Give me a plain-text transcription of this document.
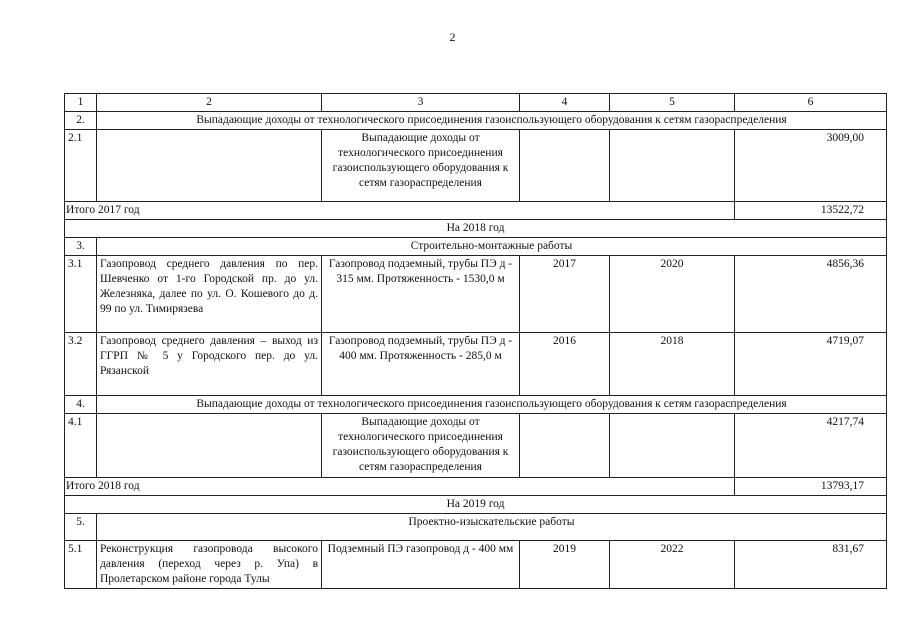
2
1	2	3	4	5	6
2.	Выпадающие доходы от технологического присоединения газоиспользующего оборудования к сетям газораспределения				
2.1		Выпадающие доходы от технологического присоединения газоиспользующего оборудования к сетям газораспределения			3009,00
Итого 2017 год					13522,72
На 2018 год					
3.	Строительно-монтажные работы				
3.1	Газопровод среднего давления по пер. Шевченко от 1-го Городской пр. до ул. Железняка, далее по ул. О. Кошевого до д. 99 по ул. Тимирязева	Газопровод подземный, трубы ПЭ д - 315 мм. Протяженность - 1530,0 м	2017	2020	4856,36
3.2	Газопровод среднего давления – выход из ГГРП № 5 у Городского пер. до ул. Рязанской	Газопровод подземный, трубы ПЭ д - 400 мм. Протяженность - 285,0 м	2016	2018	4719,07
4.	Выпадающие доходы от технологического присоединения газоиспользующего оборудования к сетям газораспределения				
4.1		Выпадающие доходы от технологического присоединения газоиспользующего оборудования к сетям газораспределения			4217,74
Итого 2018 год					13793,17
На 2019 год					
5.	Проектно-изыскательские работы				
5.1	Реконструкция газопровода высокого давления (переход через р. Упа) в Пролетарском районе города Тулы	Подземный ПЭ газопровод д - 400 мм	2019	2022	831,67
